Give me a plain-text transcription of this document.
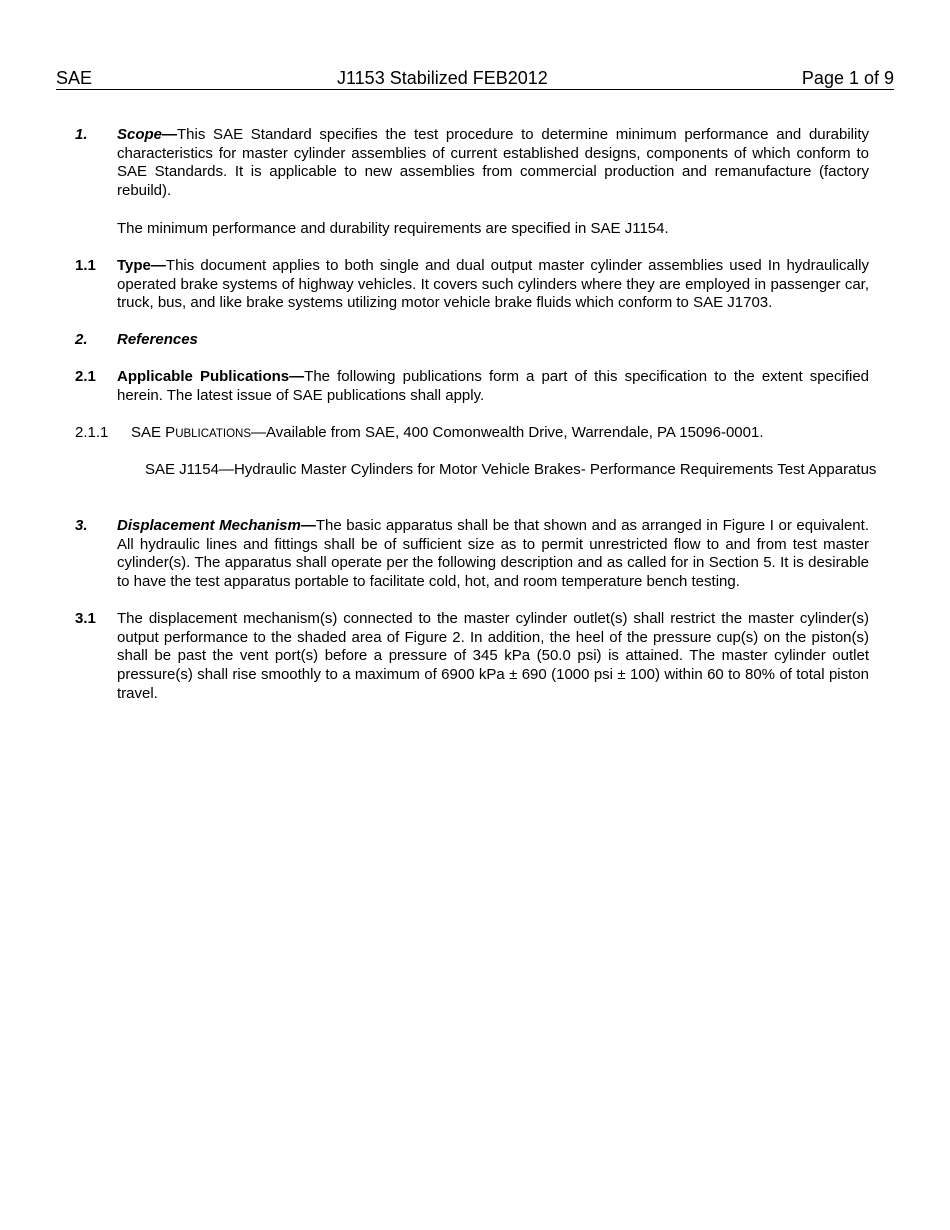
SAE	J1153 Stabilized FEB2012	Page 1 of 9
1. Scope—This SAE Standard specifies the test procedure to determine minimum performance and durability characteristics for master cylinder assemblies of current established designs, components of which conform to SAE Standards. It is applicable to new assemblies from commercial production and remanufacture (factory rebuild).
The minimum performance and durability requirements are specified in SAE J1154.
1.1 Type—This document applies to both single and dual output master cylinder assemblies used In hydraulically operated brake systems of highway vehicles. It covers such cylinders where they are employed in passenger car, truck, bus, and like brake systems utilizing motor vehicle brake fluids which conform to SAE J1703.
2. References
2.1 Applicable Publications—The following publications form a part of this specification to the extent specified herein. The latest issue of SAE publications shall apply.
2.1.1 SAE PUBLICATIONS—Available from SAE, 400 Comonwealth Drive, Warrendale, PA 15096-0001.
SAE J1154—Hydraulic Master Cylinders for Motor Vehicle Brakes- Performance Requirements Test Apparatus
3. Displacement Mechanism—The basic apparatus shall be that shown and as arranged in Figure I or equivalent. All hydraulic lines and fittings shall be of sufficient size as to permit unrestricted flow to and from test master cylinder(s). The apparatus shall operate per the following description and as called for in Section 5. It is desirable to have the test apparatus portable to facilitate cold, hot, and room temperature bench testing.
3.1 The displacement mechanism(s) connected to the master cylinder outlet(s) shall restrict the master cylinder(s) output performance to the shaded area of Figure 2. In addition, the heel of the pressure cup(s) on the piston(s) shall be past the vent port(s) before a pressure of 345 kPa (50.0 psi) is attained. The master cylinder outlet pressure(s) shall rise smoothly to a maximum of 6900 kPa ± 690 (1000 psi ± 100) within 60 to 80% of total piston travel.
